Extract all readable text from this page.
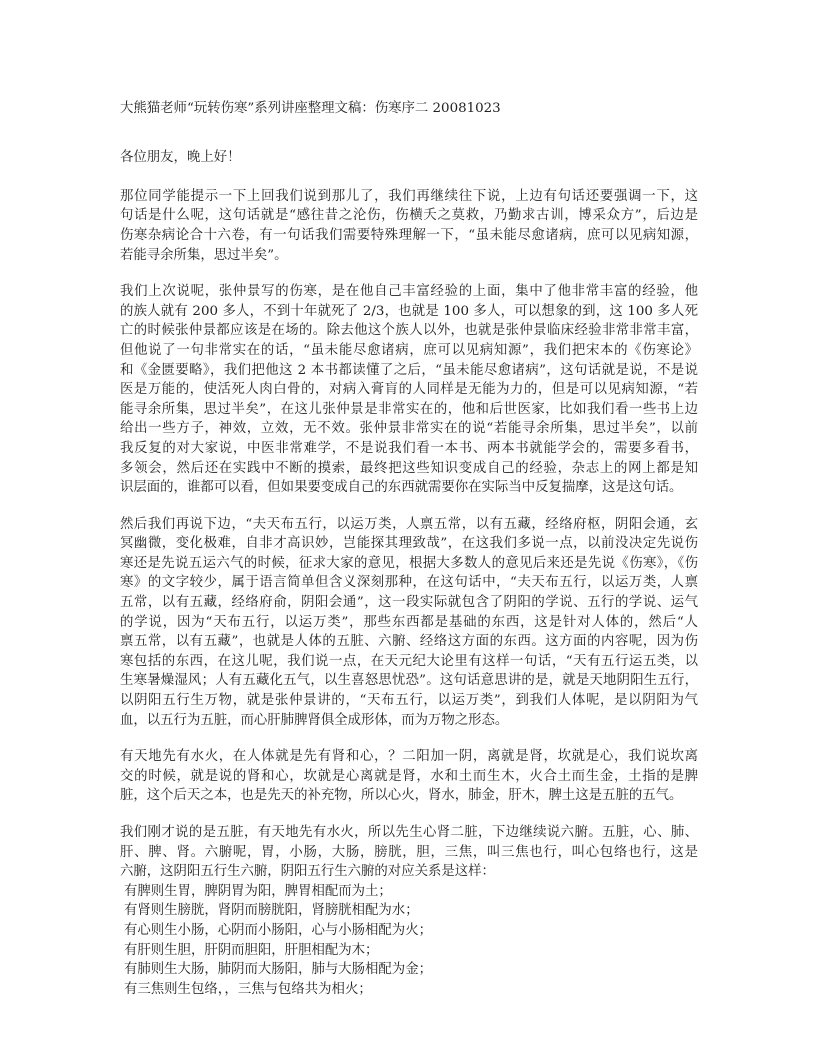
大熊猫老师“玩转伤寒”系列讲座整理文稿：伤寒序二 20081023
各位朋友，晚上好！
那位同学能提示一下上回我们说到那儿了，我们再继续往下说，上边有句话还要强调一下，这
句话是什么呢，这句话就是“感往昔之沦伤，伤横夭之莫救，乃勤求古训，博采众方”，后边是
伤寒杂病论合十六卷，有一句话我们需要特殊理解一下，“虽未能尽愈诸病，庶可以见病知源，
若能寻余所集，思过半矣”。
我们上次说呢，张仲景写的伤寒，是在他自己丰富经验的上面，集中了他非常丰富的经验，他
的族人就有 200 多人，不到十年就死了 2/3，也就是 100 多人，可以想象的到，这 100 多人死
亡的时候张仲景都应该是在场的。除去他这个族人以外，也就是张仲景临床经验非常非常丰富，
但他说了一句非常实在的话，“虽未能尽愈诸病，庶可以见病知源”，我们把宋本的《伤寒论》
和《金匮要略》，我们把他这 2 本书都读懂了之后，“虽未能尽愈诸病”，这句话就是说，不是说
医是万能的，使活死人肉白骨的，对病入膏肓的人同样是无能为力的，但是可以见病知源，“若
能寻余所集，思过半矣”，在这儿张仲景是非常实在的，他和后世医家，比如我们看一些书上边
给出一些方子，神效，立效，无不效。张仲景非常实在的说“若能寻余所集，思过半矣”，以前
我反复的对大家说，中医非常难学，不是说我们看一本书、两本书就能学会的，需要多看书，
多领会，然后还在实践中不断的摸索，最终把这些知识变成自己的经验，杂志上的网上都是知
识层面的，谁都可以看，但如果要变成自己的东西就需要你在实际当中反复揣摩，这是这句话。
然后我们再说下边，“夫天布五行，以运万类，人禀五常，以有五藏，经络府枢，阴阳会通，玄
冥幽微，变化极难，自非才高识妙，岂能探其理致哉”，在这我们多说一点，以前没决定先说伤
寒还是先说五运六气的时候，征求大家的意见，根据大多数人的意见后来还是先说《伤寒》，《伤
寒》的文字较少，属于语言简单但含义深刻那种，在这句话中，“夫天布五行，以运万类，人禀
五常，以有五藏，经络府俞，阴阳会通”，这一段实际就包含了阴阳的学说、五行的学说、运气
的学说，因为“天布五行，以运万类”，那些东西都是基础的东西，这是针对人体的，然后“人
禀五常，以有五藏”，也就是人体的五脏、六腑、经络这方面的东西。这方面的内容呢，因为伤
寒包括的东西，在这儿呢，我们说一点，在天元纪大论里有这样一句话，“天有五行运五类，以
生寒暑燥湿风；人有五藏化五气，以生喜怒思忧恐”。这句话意思讲的是，就是天地阴阳生五行，
以阴阳五行生万物，就是张仲景讲的，“天布五行，以运万类”，到我们人体呢，是以阴阳为气
血，以五行为五脏，而心肝肺脾肾俱全成形体，而为万物之形态。
有天地先有水火，在人体就是先有肾和心，？二阳加一阴，离就是肾，坎就是心，我们说坎离
交的时候，就是说的肾和心，坎就是心离就是肾，水和土而生木，火合土而生金，土指的是脾
脏，这个后天之本，也是先天的补充物，所以心火，肾水，肺金，肝木，脾土这是五脏的五气。
我们刚才说的是五脏，有天地先有水火，所以先生心肾二脏，下边继续说六腑。五脏，心、肺、
肝、脾、肾。六腑呢，胃，小肠，大肠，膀胱，胆，三焦，叫三焦也行，叫心包络也行，这是
六腑，这阴阳五行生六腑，阴阳五行生六腑的对应关系是这样：
有脾则生胃，脾阴胃为阳，脾胃相配而为土；
有肾则生膀胱，肾阴而膀胱阳，肾膀胱相配为水；
有心则生小肠，心阴而小肠阳，心与小肠相配为火；
有肝则生胆，肝阴而胆阳，肝胆相配为木；
有肺则生大肠，肺阴而大肠阳，肺与大肠相配为金；
有三焦则生包络，，三焦与包络共为相火；
